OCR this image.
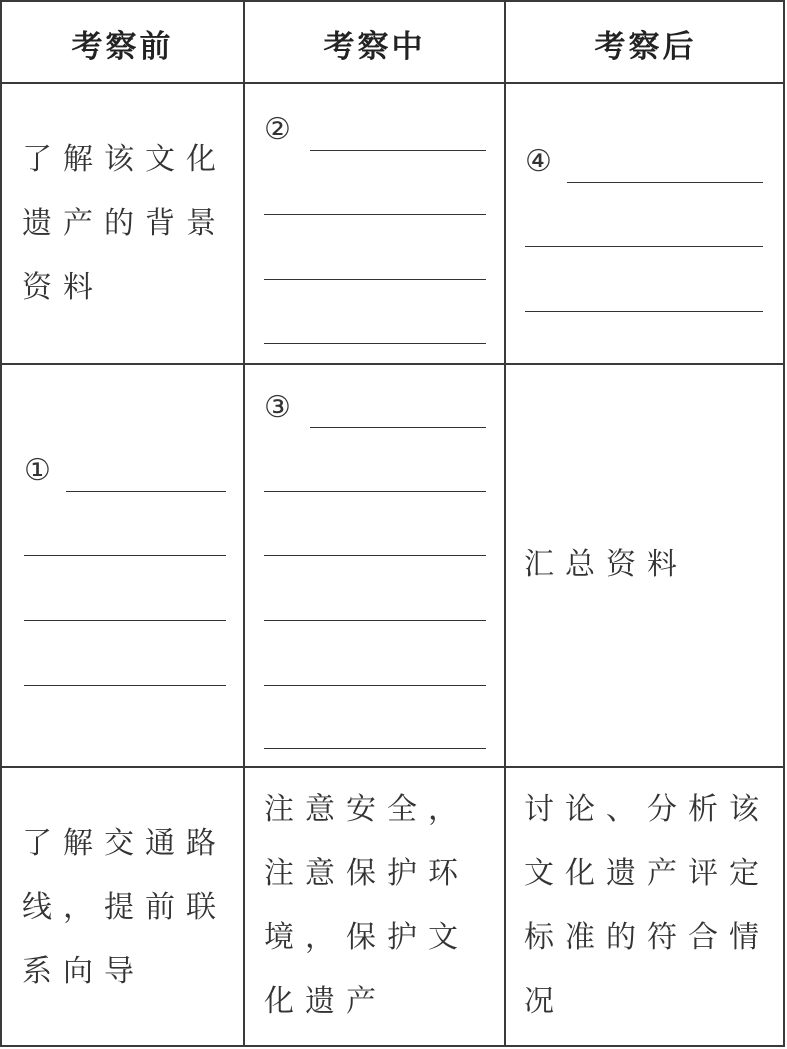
考察前	考察中	考察后
了解该文化遗产的背景资料
②
④
①
③
汇总资料
了解交通路线，提前联系向导
注意安全，注意保护环境，保护文化遗产
讨论、分析该文化遗产评定标准的符合情况
